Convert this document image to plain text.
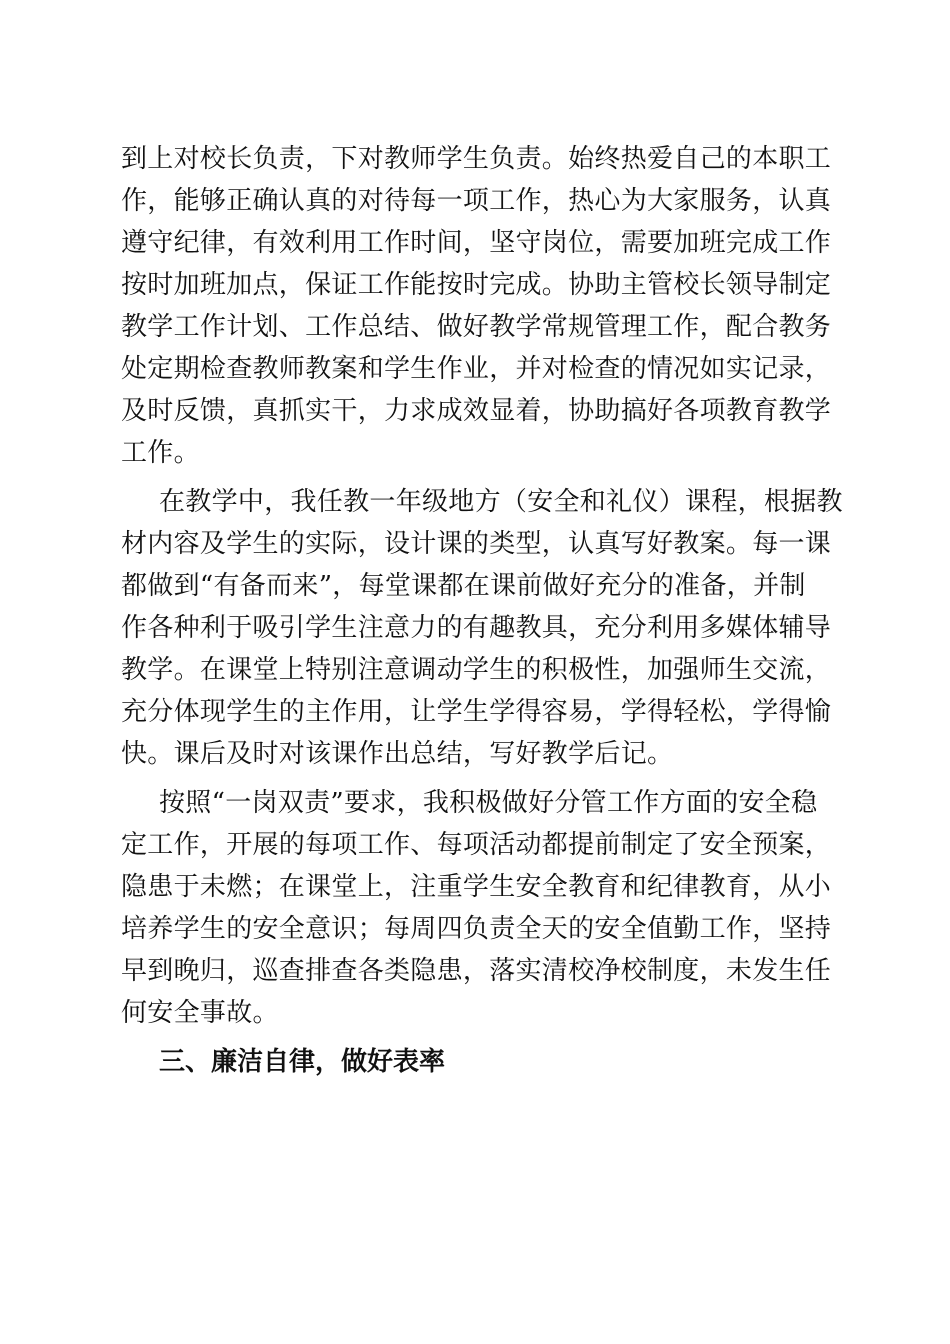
到上对校长负责，下对教师学生负责。始终热爱自己的本职工
作，能够正确认真的对待每一项工作，热心为大家服务，认真
遵守纪律，有效利用工作时间，坚守岗位，需要加班完成工作
按时加班加点，保证工作能按时完成。协助主管校长领导制定
教学工作计划、工作总结、做好教学常规管理工作，配合教务
处定期检查教师教案和学生作业，并对检查的情况如实记录，
及时反馈，真抓实干，力求成效显着，协助搞好各项教育教学
工作。
在教学中，我任教一年级地方（安全和礼仪）课程，根据教
材内容及学生的实际，设计课的类型，认真写好教案。每一课
都做到“有备而来”，每堂课都在课前做好充分的准备，并制
作各种利于吸引学生注意力的有趣教具，充分利用多媒体辅导
教学。在课堂上特别注意调动学生的积极性，加强师生交流，
充分体现学生的主作用，让学生学得容易，学得轻松，学得愉
快。课后及时对该课作出总结，写好教学后记。
按照“一岗双责”要求，我积极做好分管工作方面的安全稳
定工作，开展的每项工作、每项活动都提前制定了安全预案，
隐患于未燃；在课堂上，注重学生安全教育和纪律教育，从小
培养学生的安全意识；每周四负责全天的安全值勤工作，坚持
早到晚归，巡查排查各类隐患，落实清校净校制度，未发生任
何安全事故。
三、廉洁自律，做好表率
